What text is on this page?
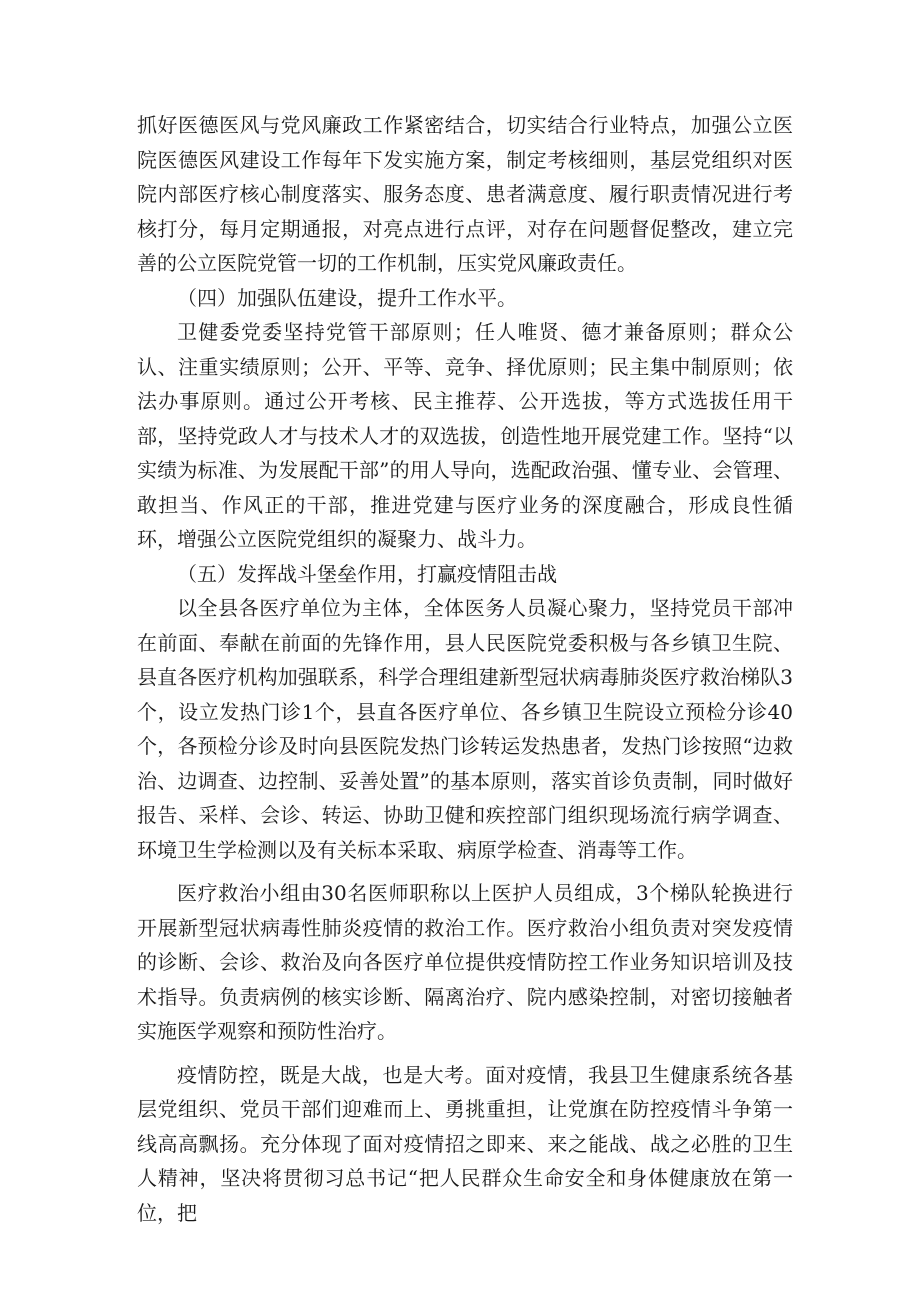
抓好医德医风与党风廉政工作紧密结合，切实结合行业特点，加强公立医院医德医风建设工作每年下发实施方案，制定考核细则，基层党组织对医院内部医疗核心制度落实、服务态度、患者满意度、履行职责情况进行考核打分，每月定期通报，对亮点进行点评，对存在问题督促整改，建立完善的公立医院党管一切的工作机制，压实党风廉政责任。

（四）加强队伍建设，提升工作水平。

卫健委党委坚持党管干部原则；任人唯贤、德才兼备原则；群众公认、注重实绩原则；公开、平等、竞争、择优原则；民主集中制原则；依法办事原则。通过公开考核、民主推荐、公开选拔，等方式选拔任用干部，坚持党政人才与技术人才的双选拔，创造性地开展党建工作。坚持“以实绩为标准、为发展配干部”的用人导向，选配政治强、懂专业、会管理、敢担当、作风正的干部，推进党建与医疗业务的深度融合，形成良性循环，增强公立医院党组织的凝聚力、战斗力。

（五）发挥战斗堡垒作用，打赢疫情阻击战

以全县各医疗单位为主体，全体医务人员凝心聚力，坚持党员干部冲在前面、奉献在前面的先锋作用，县人民医院党委积极与各乡镇卫生院、县直各医疗机构加强联系，科学合理组建新型冠状病毒肺炎医疗救治梯队3个，设立发热门诊1个，县直各医疗单位、各乡镇卫生院设立预检分诊40个，各预检分诊及时向县医院发热门诊转运发热患者，发热门诊按照“边救治、边调查、边控制、妥善处置”的基本原则，落实首诊负责制，同时做好报告、采样、会诊、转运、协助卫健和疾控部门组织现场流行病学调查、环境卫生学检测以及有关标本采取、病原学检查、消毒等工作。

医疗救治小组由30名医师职称以上医护人员组成，3个梯队轮换进行开展新型冠状病毒性肺炎疫情的救治工作。医疗救治小组负责对突发疫情的诊断、会诊、救治及向各医疗单位提供疫情防控工作业务知识培训及技术指导。负责病例的核实诊断、隔离治疗、院内感染控制，对密切接触者实施医学观察和预防性治疗。

疫情防控，既是大战，也是大考。面对疫情，我县卫生健康系统各基层党组织、党员干部们迎难而上、勇挑重担，让党旗在防控疫情斗争第一线高高飘扬。充分体现了面对疫情招之即来、来之能战、战之必胜的卫生人精神，坚决将贯彻习总书记“把人民群众生命安全和身体健康放在第一位，把
